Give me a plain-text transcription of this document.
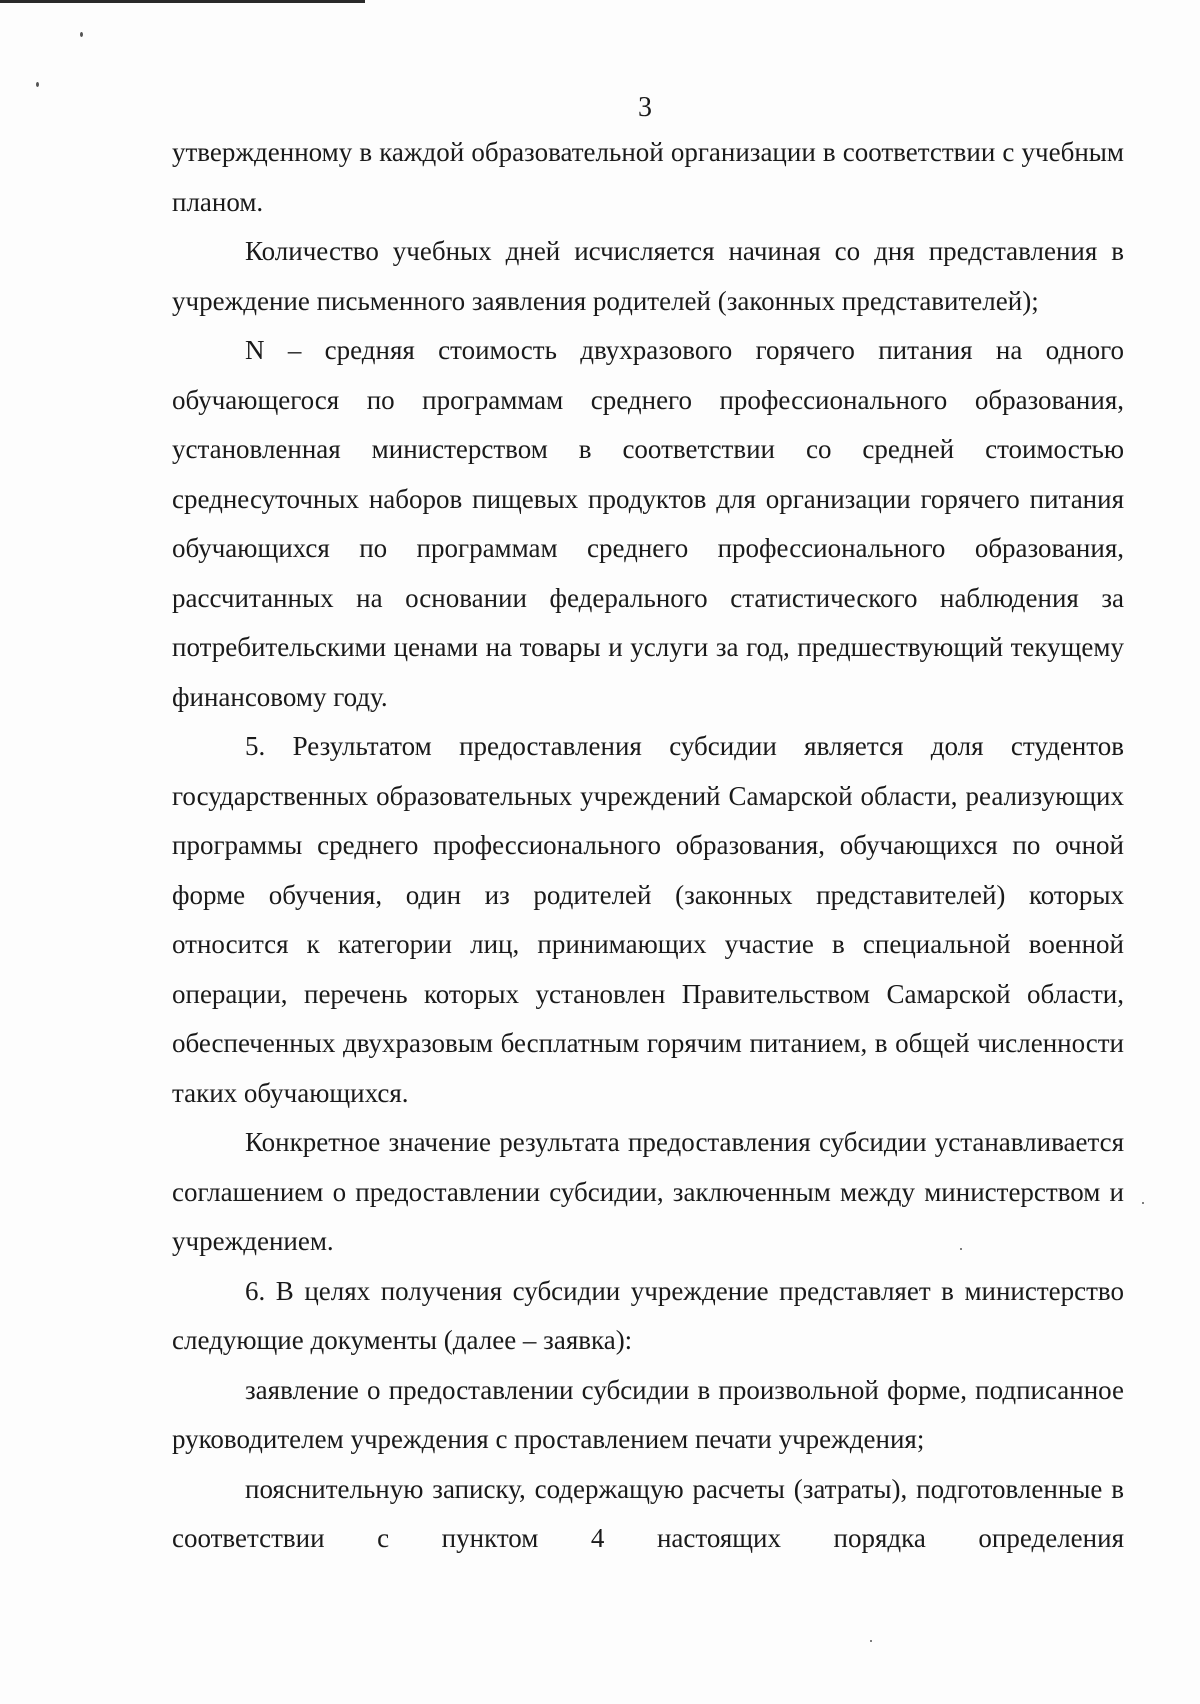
3

утвержденному в каждой образовательной организации в соответствии с учебным планом.

Количество учебных дней исчисляется начиная со дня представления в учреждение письменного заявления родителей (законных представителей);

N – средняя стоимость двухразового горячего питания на одного обучающегося по программам среднего профессионального образования, установленная министерством в соответствии со средней стоимостью среднесуточных наборов пищевых продуктов для организации горячего питания обучающихся по программам среднего профессионального образования, рассчитанных на основании федерального статистического наблюдения за потребительскими ценами на товары и услуги за год, предшествующий текущему финансовому году.

5. Результатом предоставления субсидии является доля студентов государственных образовательных учреждений Самарской области, реализующих программы среднего профессионального образования, обучающихся по очной форме обучения, один из родителей (законных представителей) которых относится к категории лиц, принимающих участие в специальной военной операции, перечень которых установлен Правительством Самарской области, обеспеченных двухразовым бесплатным горячим питанием, в общей численности таких обучающихся.

Конкретное значение результата предоставления субсидии устанавливается соглашением о предоставлении субсидии, заключенным между министерством и учреждением.

6. В целях получения субсидии учреждение представляет в министерство следующие документы (далее – заявка):

заявление о предоставлении субсидии в произвольной форме, подписанное руководителем учреждения с проставлением печати учреждения;

пояснительную записку, содержащую расчеты (затраты), подготовленные в соответствии с пунктом 4 настоящих порядка определения
